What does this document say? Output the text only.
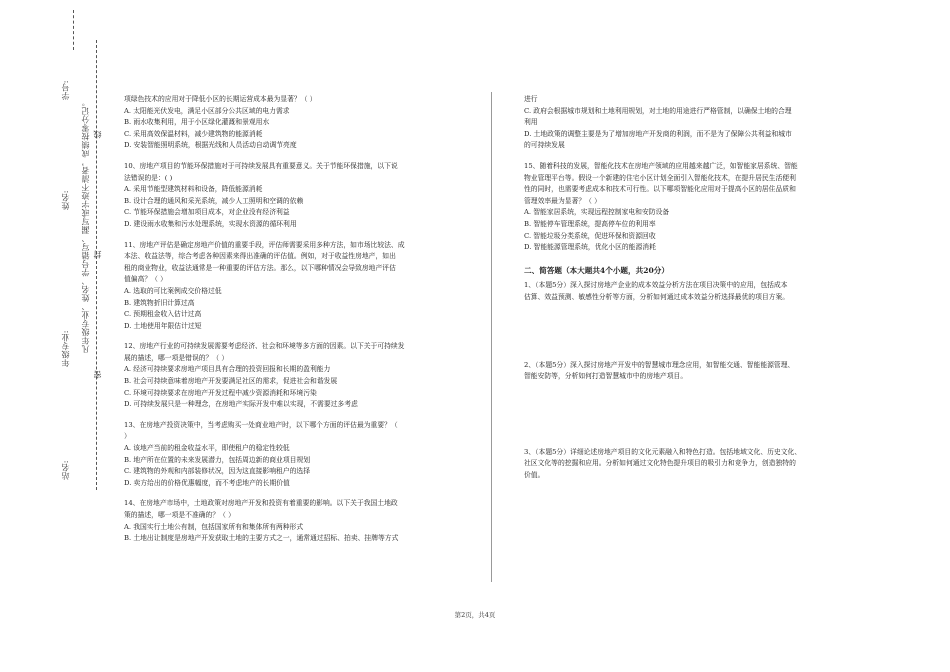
学号:
凡年级专业、姓名、学号错写、漏写或字迹不清者，成绩按零分记。 线
姓名:
封
年级专业:
密
站名:

项绿色技术的应用对于降低小区的长期运营成本最为显著？（ ）

A. 太阳能光伏发电，满足小区部分公共区域的电力需求

B. 雨水收集利用，用于小区绿化灌溉和景观用水

C. 采用高效保温材料，减少建筑物的能源消耗

D. 安装智能照明系统，根据光线和人员活动自动调节亮度

10、房地产项目的节能环保措施对于可持续发展具有重要意义。关于节能环保措施，以下说

法错误的是：( )

A. 采用节能型建筑材料和设备，降低能源消耗

B. 设计合理的通风和采光系统，减少人工照明和空调的依赖

C. 节能环保措施会增加项目成本，对企业没有经济利益

D. 建设雨水收集和污水处理系统，实现水资源的循环利用

11、房地产评估是确定房地产价值的重要手段，评估师需要采用多种方法，如市场比较法、成

本法、收益法等，综合考虑各种因素来得出准确的评估值。例如，对于收益性房地产，如出

租的商业物业，收益法通常是一种重要的评估方法。那么，以下哪种情况会导致房地产评估

值偏高？（ ）

A. 选取的可比案例成交价格过低

B. 建筑物折旧计算过高

C. 预期租金收入估计过高

D. 土地使用年限估计过短

12、房地产行业的可持续发展需要考虑经济、社会和环境等多方面的因素。以下关于可持续发

展的描述，哪一项是错误的？（ ）

A. 经济可持续要求房地产项目具有合理的投资回报和长期的盈利能力

B. 社会可持续意味着房地产开发要满足社区的需求，促进社会和谐发展

C. 环境可持续要求在房地产开发过程中减少资源消耗和环境污染

D. 可持续发展只是一种理念，在房地产实际开发中难以实现，不需要过多考虑

13、在房地产投资决策中，当考虑购买一处商业地产时，以下哪个方面的评估最为重要？（

）

A. 该地产当前的租金收益水平，即使租户的稳定性较低

B. 地产所在位置的未来发展潜力，包括周边新的商业项目规划

C. 建筑物的外观和内部装修状况，因为这直接影响租户的选择

D. 卖方给出的价格优惠幅度，而不考虑地产的长期价值

14、在房地产市场中，土地政策对房地产开发和投资有着重要的影响。以下关于我国土地政

策的描述，哪一项是不准确的？（ ）

A. 我国实行土地公有制，包括国家所有和集体所有两种形式

B. 土地出让制度是房地产开发获取土地的主要方式之一，通常通过招标、拍卖、挂牌等方式

进行

C. 政府会根据城市规划和土地利用规划，对土地的用途进行严格管制，以确保土地的合理

利用

D. 土地政策的调整主要是为了增加房地产开发商的利润，而不是为了保障公共利益和城市

的可持续发展

15、随着科技的发展，智能化技术在房地产领域的应用越来越广泛，如智能家居系统、智能

物业管理平台等。假设一个新建的住宅小区计划全面引入智能化技术，在提升居民生活便利

性的同时，也需要考虑成本和技术可行性。以下哪项智能化应用对于提高小区的居住品质和

管理效率最为显著？（ ）

A. 智能家居系统，实现远程控制家电和安防设备

B. 智能停车管理系统，提高停车位的利用率

C. 智能垃圾分类系统，促进环保和资源回收

D. 智能能源管理系统，优化小区的能源消耗

二、简答题（本大题共4个小题，共20分）

1、（本题5分）深入探讨房地产企业的成本效益分析方法在项目决策中的应用，包括成本

估算、效益预测、敏感性分析等方面，分析如何通过成本效益分析选择最优的项目方案。

2、（本题5分）深入探讨房地产开发中的智慧城市理念应用，如智能交通、智能能源管理、

智能安防等，分析如何打造智慧城市中的房地产项目。

3、（本题5分）详细论述房地产项目的文化元素融入和特色打造。包括地域文化、历史文化、

社区文化等的挖掘和应用。分析如何通过文化特色提升项目的吸引力和竞争力，创造独特的

价值。

第2页，共4页
